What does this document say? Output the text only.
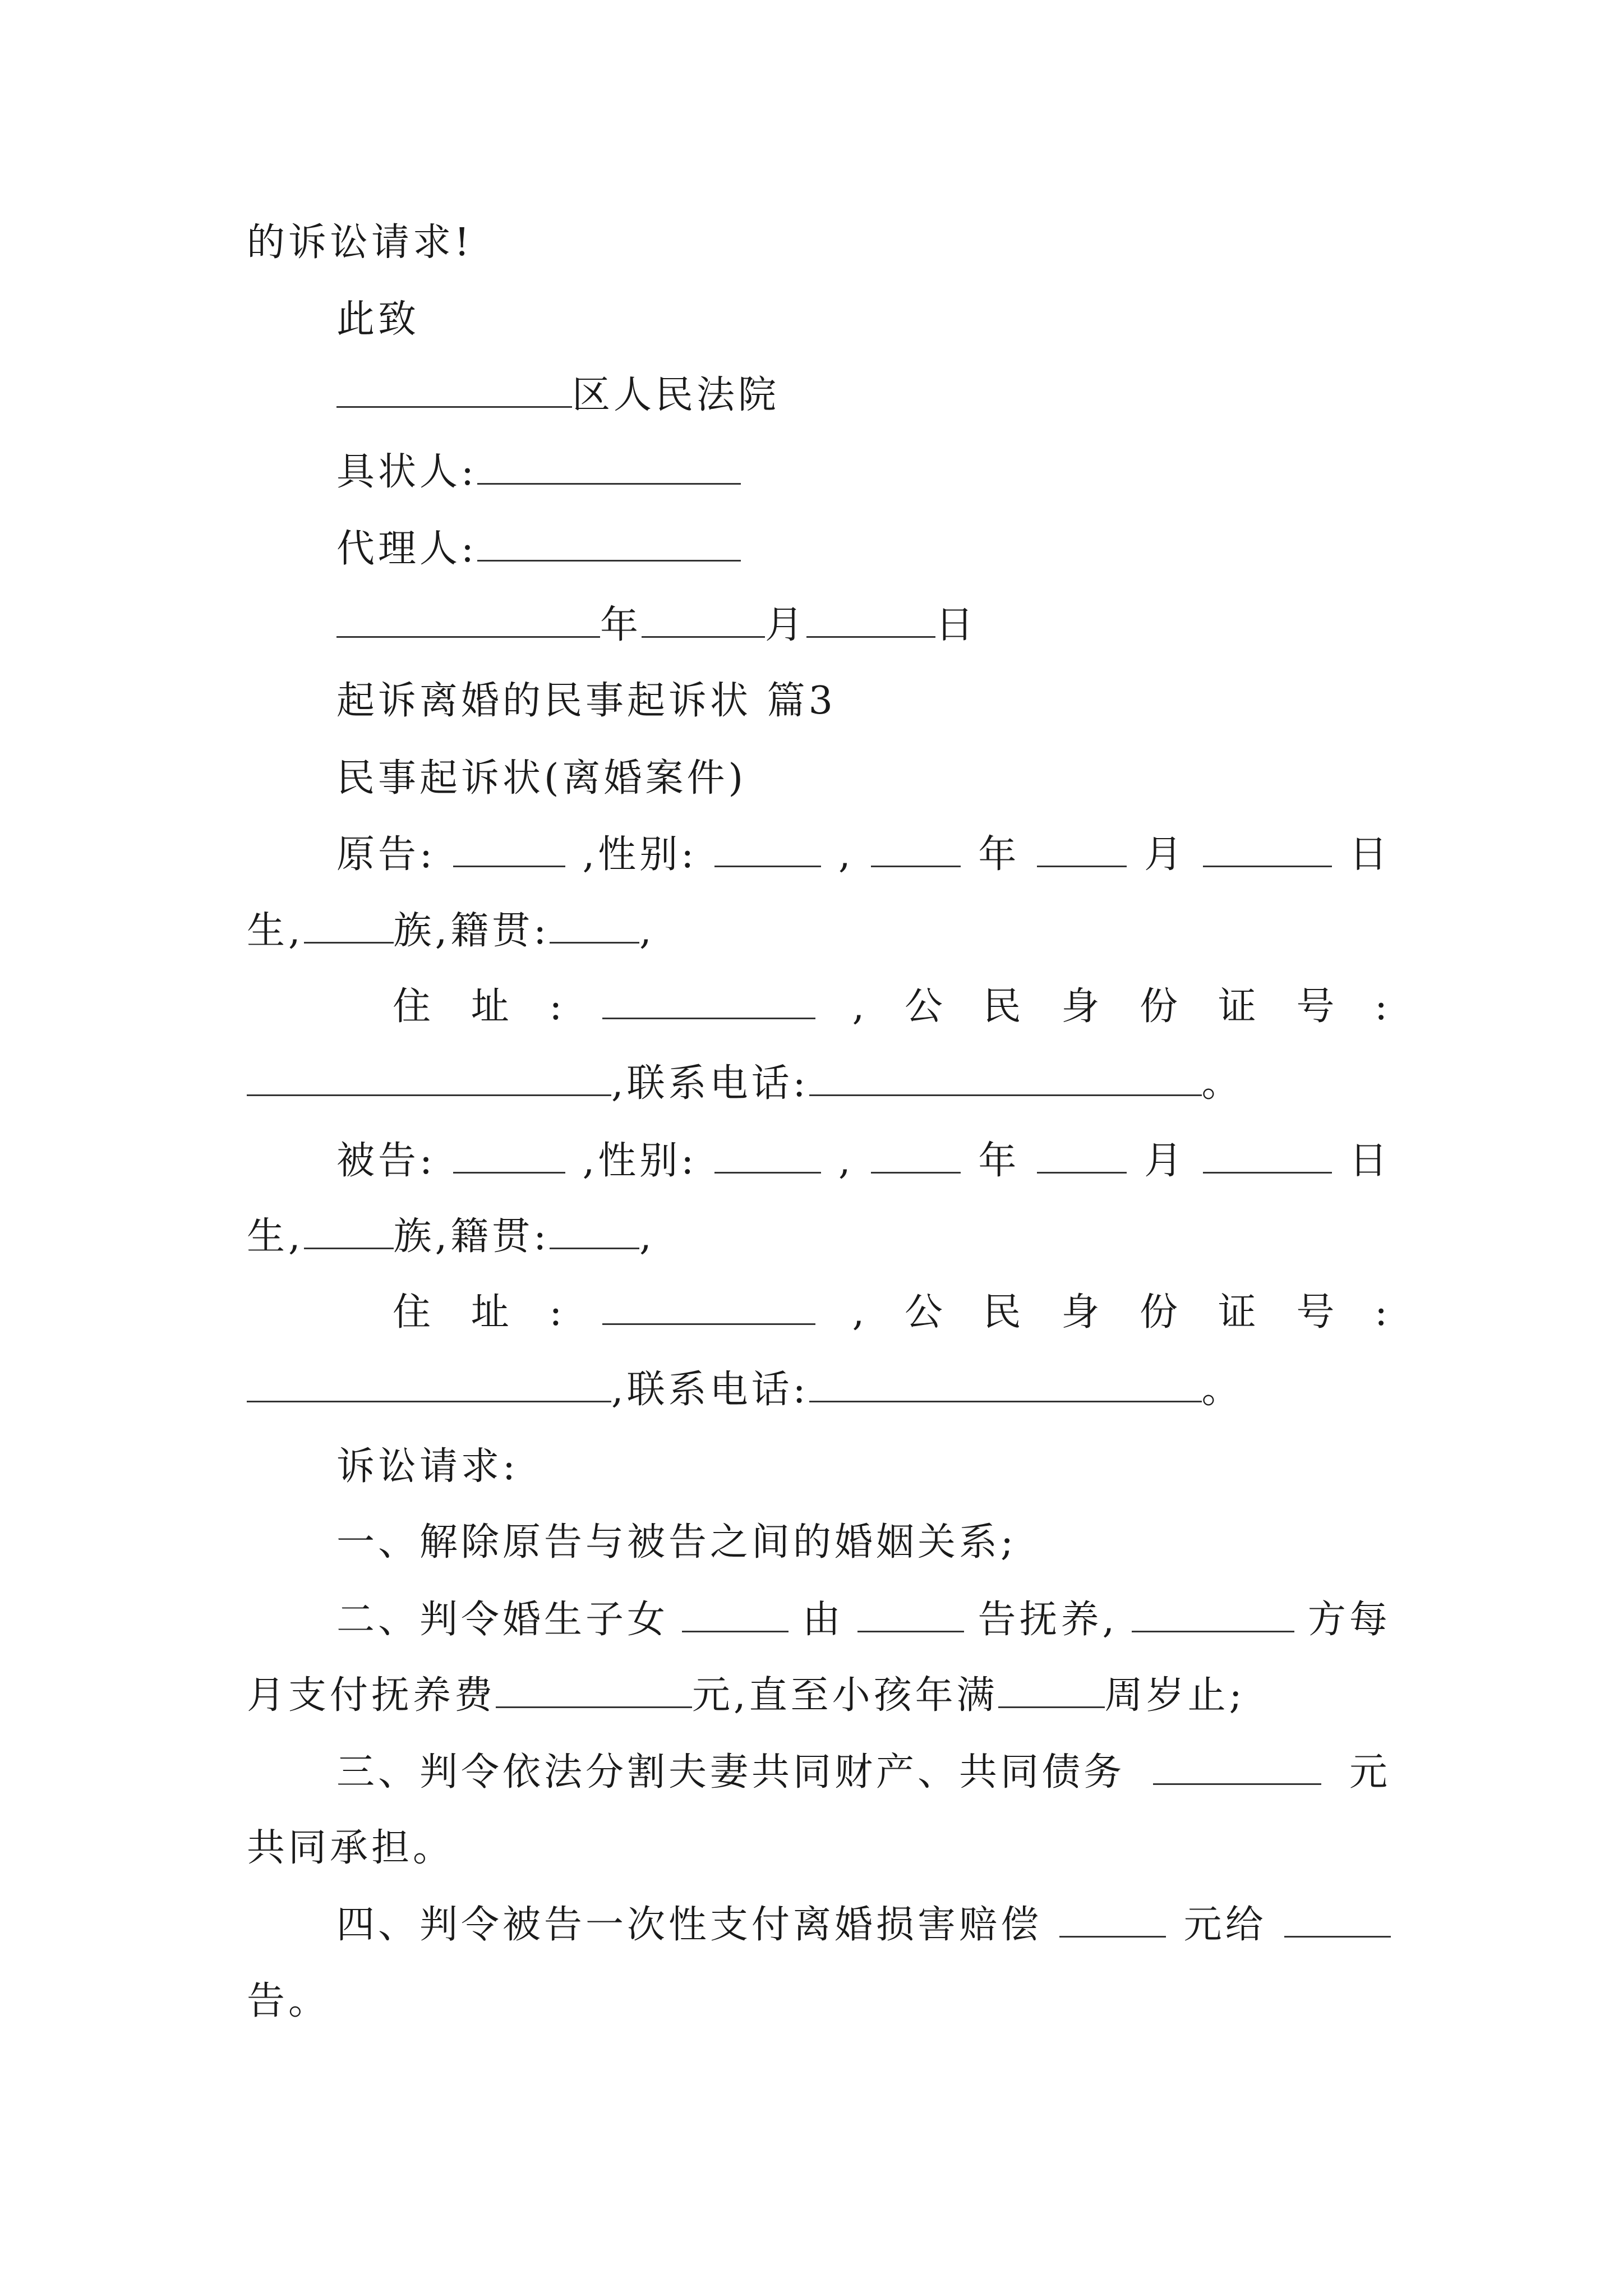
的诉讼请求!
此致
区人民法院
具状人:
代理人:
年	月	日
起诉离婚的民事起诉状 篇3
民事起诉状(离婚案件)
原告:	,性别:	,	年	月	日
生, 族,籍贯: ,
住 址 :	, 公 民 身 份 证 号 :
,联系电话:	。
被告:	,性别:	,	年	月	日
生, 族,籍贯: ,
住 址 :	, 公 民 身 份 证 号 :
,联系电话:	。
诉讼请求:
一、解除原告与被告之间的婚姻关系;
二、判令婚生子女	由	告抚养,	方每
月支付抚养费	元,直至小孩年满	周岁止;
三、判令依法分割夫妻共同财产、共同债务	元
共同承担。
四、判令被告一次性支付离婚损害赔偿	元给
告。
